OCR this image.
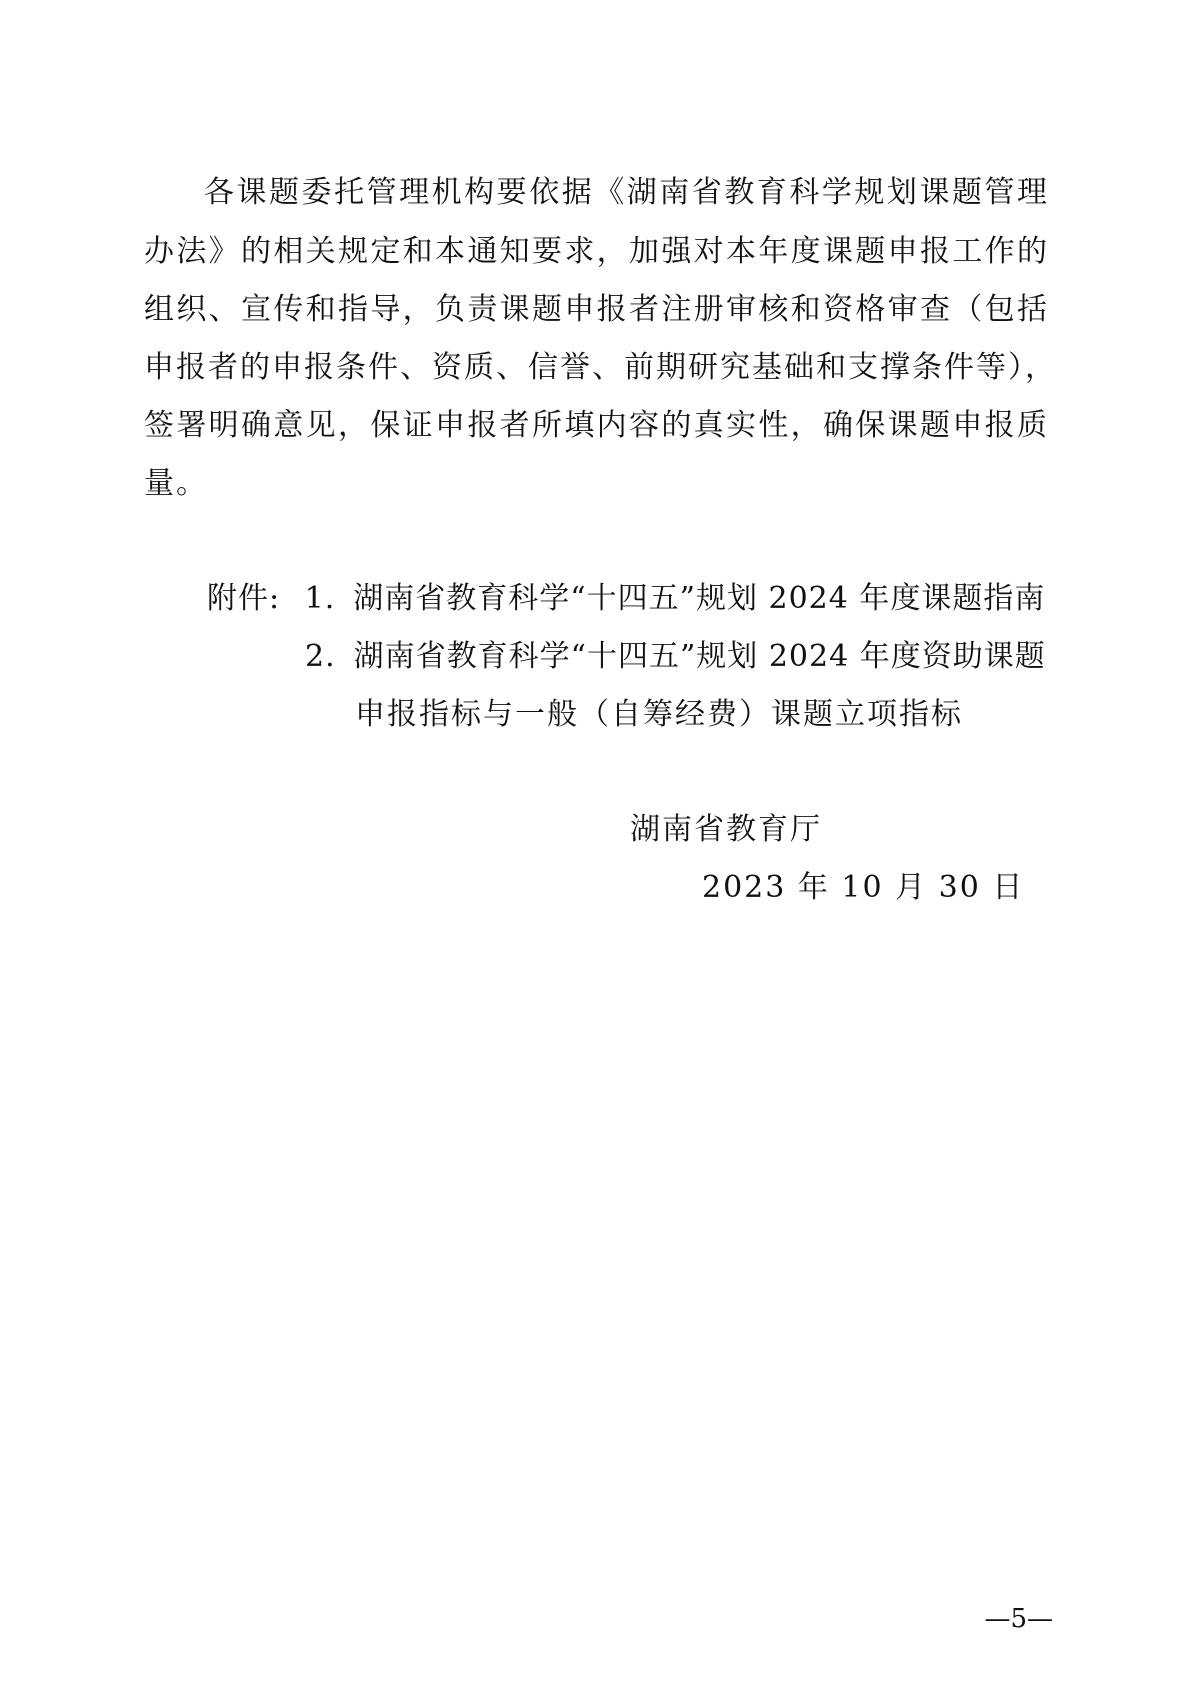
各课题委托管理机构要依据《湖南省教育科学规划课题管理
办法》的相关规定和本通知要求，加强对本年度课题申报工作的
组织、宣传和指导，负责课题申报者注册审核和资格审查（包括
申报者的申报条件、资质、信誉、前期研究基础和支撑条件等），
签署明确意见，保证申报者所填内容的真实性，确保课题申报质
量。
附件: 1. 湖南省教育科学“十四五”规划 2024 年度课题指南
2. 湖南省教育科学“十四五”规划 2024 年度资助课题
申报指标与一般（自筹经费）课题立项指标
湖南省教育厅
2023 年 10 月 30 日
—5—
